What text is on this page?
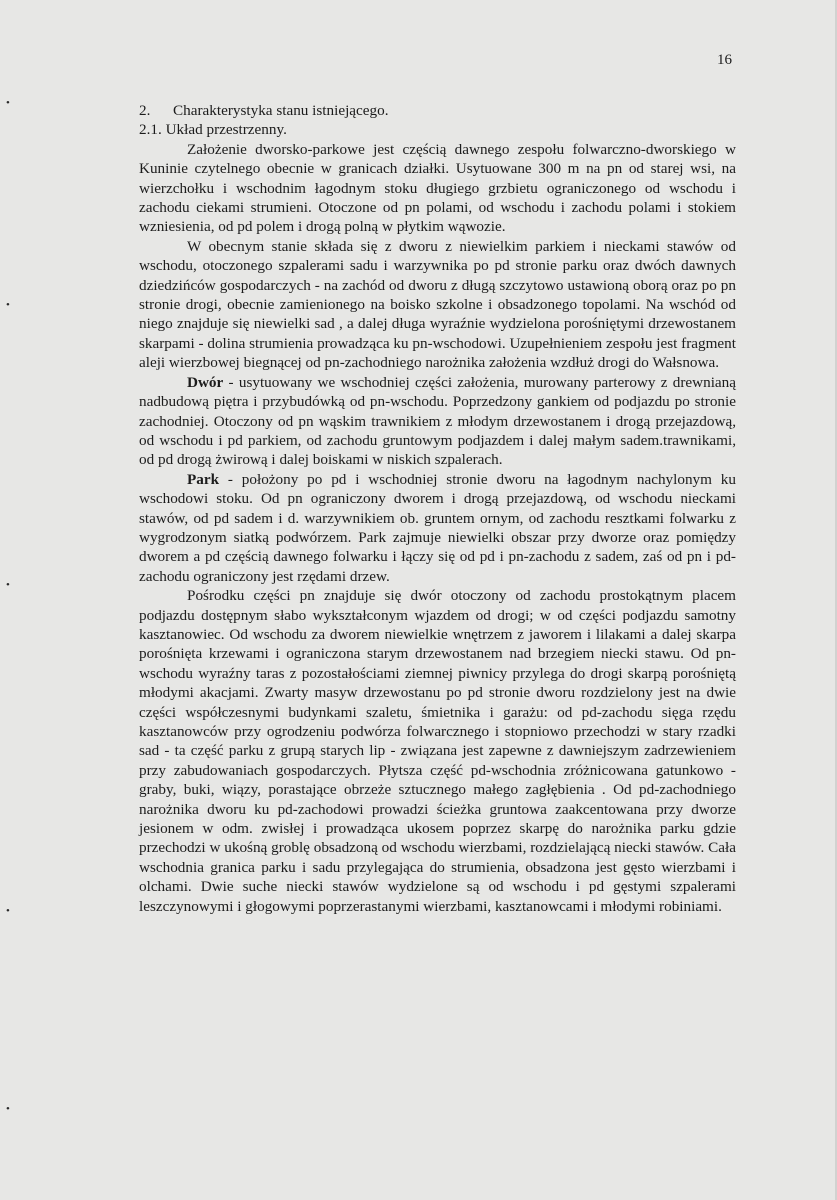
16
•
•
•
•
•
2. Charakterystyka stanu istniejącego.
2.1. Układ przestrzenny.

Założenie dworsko-parkowe jest częścią dawnego zespołu folwarczno-dworskiego w Kuninie czytelnego obecnie w granicach działki. Usytuowane 300 m na pn od starej wsi, na wierzchołku i wschodnim łagodnym stoku długiego grzbietu ograniczonego od wschodu i zachodu ciekami strumieni. Otoczone od pn polami, od wschodu i zachodu polami i stokiem wzniesienia, od pd polem i drogą polną w płytkim wąwozie.

W obecnym stanie składa się z dworu z niewielkim parkiem i nieckami stawów od wschodu, otoczonego szpalerami sadu i warzywnika po pd stronie parku oraz dwóch dawnych dziedzińców gospodarczych - na zachód od dworu z długą szczytowo ustawioną oborą oraz po pn stronie drogi, obecnie zamienionego na boisko szkolne i obsadzonego topolami. Na wschód od niego znajduje się niewielki sad , a dalej długa wyraźnie wydzielona porośniętymi drzewostanem skarpami - dolina strumienia prowadząca ku pn-wschodowi. Uzupełnieniem zespołu jest fragment aleji wierzbowej biegnącej od pn-zachodniego narożnika założenia wzdłuż drogi do Wałsnowa.

Dwór - usytuowany we wschodniej części założenia, murowany parterowy z drewnianą nadbudową piętra i przybudówką od pn-wschodu. Poprzedzony gankiem od podjazdu po stronie zachodniej. Otoczony od pn wąskim trawnikiem z młodym drzewostanem i drogą przejazdową, od wschodu i pd parkiem, od zachodu gruntowym podjazdem i dalej małym sadem.trawnikami, od pd drogą żwirową i dalej boiskami w niskich szpalerach.

Park - położony po pd i wschodniej stronie dworu na łagodnym nachylonym ku wschodowi stoku. Od pn ograniczony dworem i drogą przejazdową, od wschodu nieckami stawów, od pd sadem i d. warzywnikiem ob. gruntem ornym, od zachodu resztkami folwarku z wygrodzonym siatką podwórzem. Park zajmuje niewielki obszar przy dworze oraz pomiędzy dworem a pd częścią dawnego folwarku i łączy się od pd i pn-zachodu z sadem, zaś od pn i pd-zachodu ograniczony jest rzędami drzew.

Pośrodku części pn znajduje się dwór otoczony od zachodu prostokątnym placem podjazdu dostępnym słabo wykształconym wjazdem od drogi; w od części podjazdu samotny kasztanowiec. Od wschodu za dworem niewielkie wnętrzem z jaworem i lilakami a dalej skarpa porośnięta krzewami i ograniczona starym drzewostanem nad brzegiem niecki stawu. Od pn-wschodu wyraźny taras z pozostałościami ziemnej piwnicy przylega do drogi skarpą porośniętą młodymi akacjami. Zwarty masyw drzewostanu po pd stronie dworu rozdzielony jest na dwie części współczesnymi budynkami szaletu, śmietnika i garażu: od pd-zachodu sięga rzędu kasztanowców przy ogrodzeniu podwórza folwarcznego i stopniowo przechodzi w stary rzadki sad - ta część parku z grupą starych lip - związana jest zapewne z dawniejszym zadrzewieniem przy zabudowaniach gospodarczych. Płytsza część pd-wschodnia zróżnicowana gatunkowo - graby, buki, wiązy, porastające obrzeże sztucznego małego zagłębienia . Od pd-zachodniego narożnika dworu ku pd-zachodowi prowadzi ścieżka gruntowa zaakcentowana przy dworze jesionem w odm. zwisłej i prowadząca ukosem poprzez skarpę do narożnika parku gdzie przechodzi w ukośną groblę obsadzoną od wschodu wierzbami, rozdzielającą niecki stawów. Cała wschodnia granica parku i sadu przylegająca do strumienia, obsadzona jest gęsto wierzbami i olchami. Dwie suche niecki stawów wydzielone są od wschodu i pd gęstymi szpalerami leszczynowymi i głogowymi poprzerastanymi wierzbami, kasztanowcami i młodymi robiniami.
